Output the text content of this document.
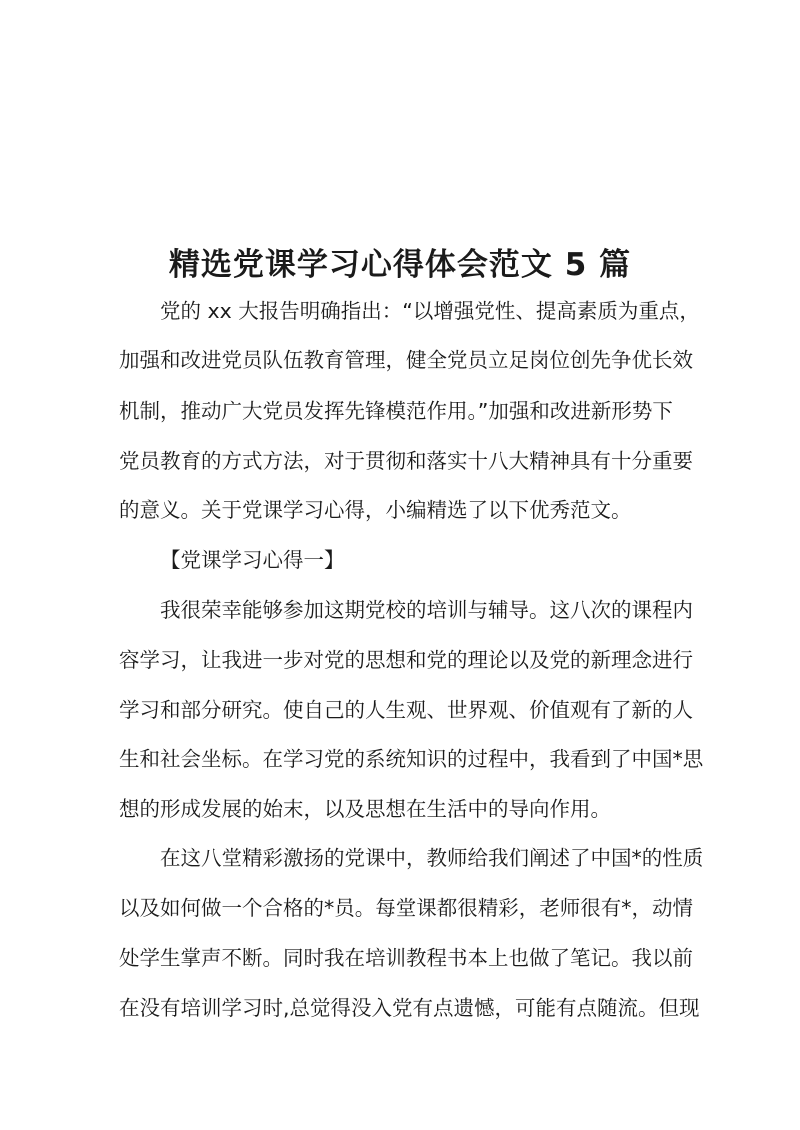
精选党课学习心得体会范文 5 篇

党的 xx 大报告明确指出：“以增强党性、提高素质为重点，

加强和改进党员队伍教育管理，健全党员立足岗位创先争优长效

机制，推动广大党员发挥先锋模范作用。”加强和改进新形势下

党员教育的方式方法，对于贯彻和落实十八大精神具有十分重要

的意义。关于党课学习心得，小编精选了以下优秀范文。

【党课学习心得一】

我很荣幸能够参加这期党校的培训与辅导。这八次的课程内

容学习，让我进一步对党的思想和党的理论以及党的新理念进行

学习和部分研究。使自己的人生观、世界观、价值观有了新的人

生和社会坐标。在学习党的系统知识的过程中，我看到了中国*思

想的形成发展的始末，以及思想在生活中的导向作用。

在这八堂精彩激扬的党课中，教师给我们阐述了中国*的性质

以及如何做一个合格的*员。每堂课都很精彩，老师很有*，动情

处学生掌声不断。同时我在培训教程书本上也做了笔记。我以前

在没有培训学习时,总觉得没入党有点遗憾，可能有点随流。但现
